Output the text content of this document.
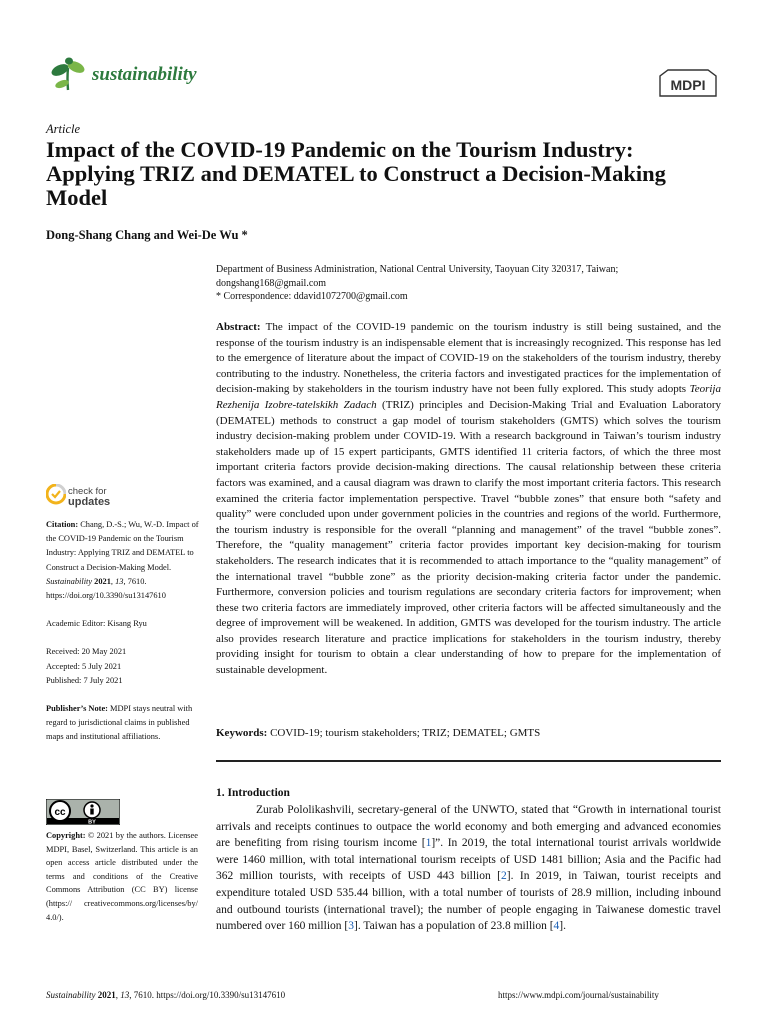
sustainability	MDPI
Article
Impact of the COVID-19 Pandemic on the Tourism Industry: Applying TRIZ and DEMATEL to Construct a Decision-Making Model
Dong-Shang Chang and Wei-De Wu *
Department of Business Administration, National Central University, Taoyuan City 320317, Taiwan; dongshang168@gmail.com
* Correspondence: ddavid1072700@gmail.com
Abstract: The impact of the COVID-19 pandemic on the tourism industry is still being sustained, and the response of the tourism industry is an indispensable element that is increasingly recognized. This response has led to the emergence of literature about the impact of COVID-19 on the stakeholders of the tourism industry, thereby contributing to the industry. Nonetheless, the criteria factors and investigated practices for the implementation of decision-making by stakeholders in the tourism industry have not been fully explored. This study adopts Teorija Rezhenija Izobre-tatelskikh Zadach (TRIZ) principles and Decision-Making Trial and Evaluation Laboratory (DEMATEL) methods to construct a gap model of tourism stakeholders (GMTS) which solves the tourism industry decision-making problem under COVID-19. With a research background in Taiwan’s tourism industry stakeholders made up of 15 expert participants, GMTS identified 11 criteria factors, of which the three most important criteria factors provide decision-making directions. The causal relationship between these criteria factors was examined, and a causal diagram was drawn to clarify the most important criteria factors. This research examined the criteria factor implementation perspective. Travel “bubble zones” that ensure both “safety and quality” were concluded upon under government policies in the countries and regions of the world. Furthermore, the tourism industry is responsible for the overall “planning and management” of the travel “bubble zones”. Therefore, the “quality management” criteria factor provides important key decision-making for tourism stakeholders. The research indicates that it is recommended to attach importance to the “quality management” of the international travel “bubble zone” as the priority decision-making criteria factor under the pandemic. Furthermore, conversion policies and tourism regulations are secondary criteria factors for improvement; when these two criteria factors are immediately improved, other criteria factors will be affected simultaneously and the degree of improvement will be weakened. In addition, GMTS was developed for the tourism industry. The article also provides research literature and practice implications for stakeholders in the tourism industry, thereby providing insight for tourism to obtain a clear understanding of how to prepare for the implementation of sustainable development.
Keywords: COVID-19; tourism stakeholders; TRIZ; DEMATEL; GMTS
1. Introduction
Zurab Pololikashvili, secretary-general of the UNWTO, stated that “Growth in international tourist arrivals and receipts continues to outpace the world economy and both emerging and advanced economies are benefiting from rising tourism income [1]”. In 2019, the total international tourist arrivals worldwide were 1460 million, with total international tourism receipts of USD 1481 billion; Asia and the Pacific had 362 million tourists, with receipts of USD 443 billion [2]. In 2019, in Taiwan, tourist receipts and expenditure totaled USD 535.44 billion, with a total number of tourists of 28.9 million, including inbound and outbound tourists (international travel); the number of people engaging in Taiwanese domestic travel numbered over 160 million [3]. Taiwan has a population of 23.8 million [4].
check for
updates
Citation: Chang, D.-S.; Wu, W.-D. Impact of the COVID-19 Pandemic on the Tourism Industry: Applying TRIZ and DEMATEL to Construct a Decision-Making Model. Sustainability 2021, 13, 7610. https://doi.org/10.3390/su13147610
Academic Editor: Kisang Ryu
Received: 20 May 2021
Accepted: 5 July 2021
Published: 7 July 2021
Publisher’s Note: MDPI stays neutral with regard to jurisdictional claims in published maps and institutional affiliations.
cc
BY
Copyright: © 2021 by the authors. Licensee MDPI, Basel, Switzerland. This article is an open access article distributed under the terms and conditions of the Creative Commons Attribution (CC BY) license (https:// creativecommons.org/licenses/by/ 4.0/).
Sustainability 2021, 13, 7610. https://doi.org/10.3390/su13147610	https://www.mdpi.com/journal/sustainability
